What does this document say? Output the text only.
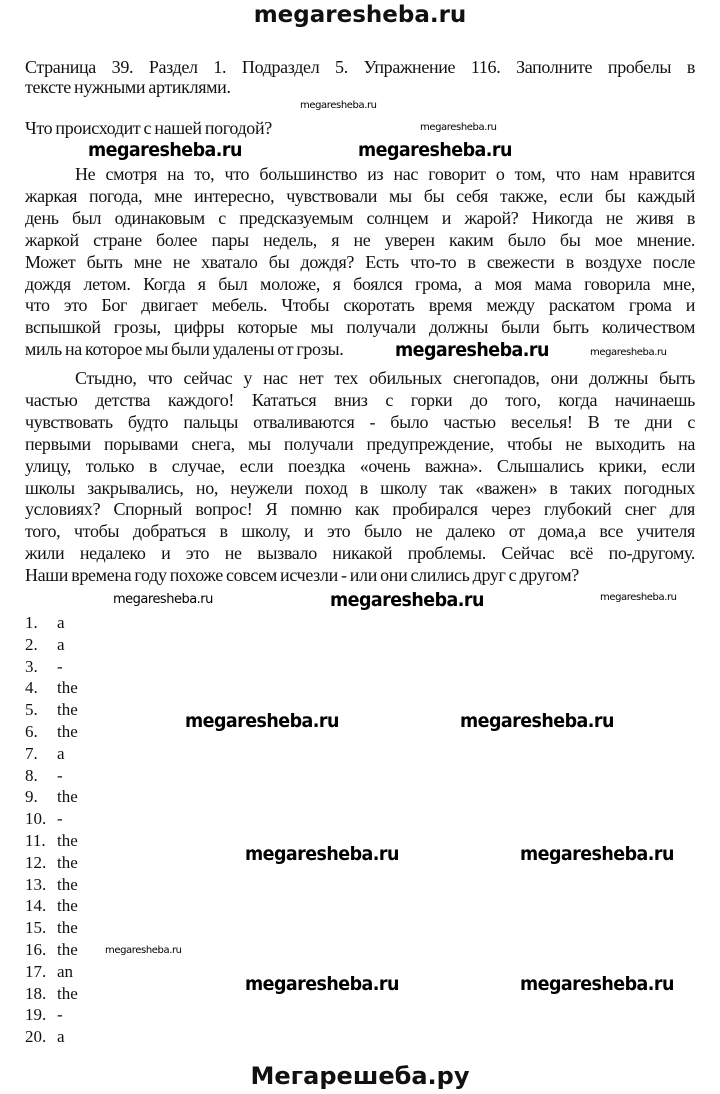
megaresheba.ru
Страница 39. Раздел 1. Подраздел 5. Упражнение 116. Заполните пробелы в
тексте нужными артиклями.
Что происходит с нашей погодой?
Не смотря на то, что большинство из нас говорит о том, что нам нравится
жаркая погода, мне интересно, чувствовали мы бы себя также, если бы каждый
день был одинаковым с предсказуемым солнцем и жарой? Никогда не живя в
жаркой стране более пары недель, я не уверен каким было бы мое мнение.
Может быть мне не хватало бы дождя? Есть что-то в свежести в воздухе после
дождя летом. Когда я был моложе, я боялся грома, а моя мама говорила мне,
что это Бог двигает мебель. Чтобы скоротать время между раскатом грома и
вспышкой грозы, цифры которые мы получали должны были быть количеством
миль на которое мы были удалены от грозы.
Стыдно, что сейчас у нас нет тех обильных снегопадов, они должны быть
частью детства каждого! Кататься вниз с горки до того, когда начинаешь
чувствовать будто пальцы отваливаются - было частью веселья! В те дни с
первыми порывами снега, мы получали предупреждение, чтобы не выходить на
улицу, только в случае, если поездка «очень важна». Слышались крики, если
школы закрывались, но, неужели поход в школу так «важен» в таких погодных
условиях? Спорный вопрос! Я помню как пробирался через глубокий снег для
того, чтобы добраться в школу, и это было не далеко от дома,а все учителя
жили недалеко и это не вызвало никакой проблемы. Сейчас всё по-другому.
Наши времена году похоже совсем исчезли - или они слились друг с другом?
1. a
2. a
3. -
4. the
5. the
6. the
7. a
8. -
9. the
10. -
11. the
12. the
13. the
14. the
15. the
16. the
17. an
18. the
19. -
20. a
megaresheba.ru	megaresheba.ru
megaresheba.ru
megaresheba.ru	megaresheba.ru
megaresheba.ru
megaresheba.ru	megaresheba.ru	megaresheba.ru
megaresheba.ru	megaresheba.ru
megaresheba.ru	megaresheba.ru
megaresheba.ru
megaresheba.ru	megaresheba.ru
Мегарешеба.ру
